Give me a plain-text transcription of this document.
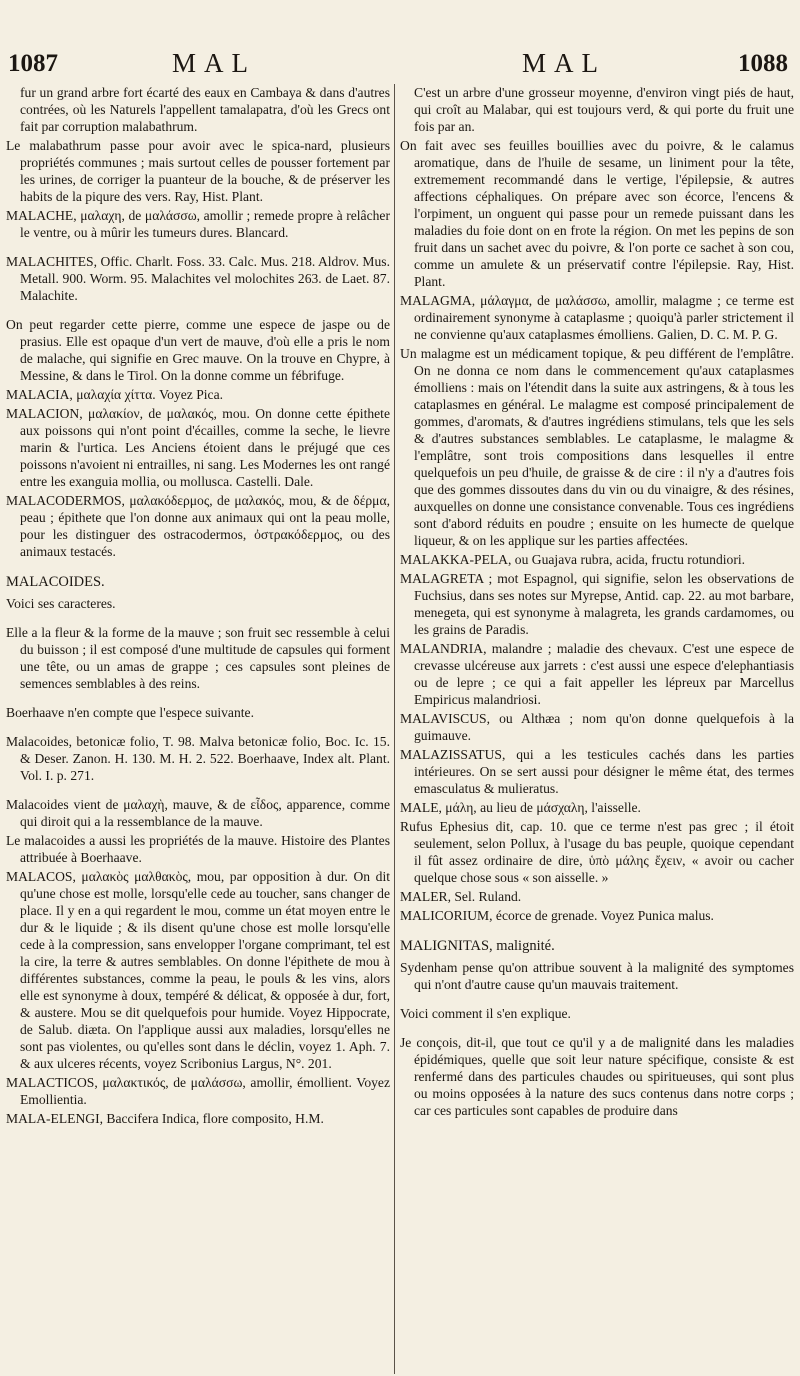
1087	MAL	MAL	1088

fur un grand arbre fort écarté des eaux en Cambaya & dans d'autres contrées, où les Naturels l'appellent tamalapatra, d'où les Grecs ont fait par corruption malabathrum.

Le malabathrum passe pour avoir avec le spica-nard, plusieurs propriétés communes ; mais surtout celles de pousser fortement par les urines, de corriger la puanteur de la bouche, & de préserver les habits de la piqure des vers. Ray, Hist. Plant.

MALACHE, μαλαχη, de μαλάσσω, amollir ; remede propre à relâcher le ventre, ou à mûrir les tumeurs dures. Blancard.

MALACHITES, Offic. Charlt. Foss. 33. Calc. Mus. 218. Aldrov. Mus. Metall. 900. Worm. 95. Malachites vel molochites 263. de Laet. 87. Malachite.

On peut regarder cette pierre, comme une espece de jaspe ou de prasius. Elle est opaque d'un vert de mauve, d'où elle a pris le nom de malache, qui signifie en Grec mauve. On la trouve en Chypre, à Messine, & dans le Tirol. On la donne comme un fébrifuge.

MALACIA, μαλαχία χίττα. Voyez Pica.

MALACION, μαλακίον, de μαλακός, mou. On donne cette épithete aux poissons qui n'ont point d'écailles, comme la seche, le lievre marin & l'urtica. Les Anciens étoient dans le préjugé que ces poissons n'avoient ni entrailles, ni sang. Les Modernes les ont rangé entre les exanguia mollia, ou mollusca. Castelli. Dale.

MALACODERMOS, μαλακόδερμος, de μαλακός, mou, & de δέρμα, peau ; épithete que l'on donne aux animaux qui ont la peau molle, pour les distinguer des ostracodermos, ὀστρακόδερμος, ou des animaux testacés.

MALACOIDES.

Voici ses caracteres.

Elle a la fleur & la forme de la mauve ; son fruit sec ressemble à celui du buisson ; il est composé d'une multitude de capsules qui forment une tête, ou un amas de grappe ; ces capsules sont pleines de semences semblables à des reins.

Boerhaave n'en compte que l'espece suivante.

Malacoides, betonicæ folio, T. 98. Malva betonicæ folio, Boc. Ic. 15. & Deser. Zanon. H. 130. M. H. 2. 522. Boerhaave, Index alt. Plant. Vol. I. p. 271.

Malacoides vient de μαλαχὴ, mauve, & de εἶδος, apparence, comme qui diroit qui a la ressemblance de la mauve.

Le malacoides a aussi les propriétés de la mauve. Histoire des Plantes attribuée à Boerhaave.

MALACOS, μαλακὸς μαλθακὸς, mou, par opposition à dur. On dit qu'une chose est molle, lorsqu'elle cede au toucher, sans changer de place. Il y en a qui regardent le mou, comme un état moyen entre le dur & le liquide ; & ils disent qu'une chose est molle lorsqu'elle cede à la compression, sans envelopper l'organe comprimant, tel est la cire, la terre & autres semblables. On donne l'épithete de mou à différentes substances, comme la peau, le pouls & les vins, alors elle est synonyme à doux, tempéré & délicat, & opposée à dur, fort, & austere. Mou se dit quelquefois pour humide. Voyez Hippocrate, de Salub. diæta. On l'applique aussi aux maladies, lorsqu'elles ne sont pas violentes, ou qu'elles sont dans le déclin, voyez 1. Aph. 7. & aux ulceres récents, voyez Scribonius Largus, N°. 201.

MALACTICOS, μαλακτικός, de μαλάσσω, amollir, émollient. Voyez Emollientia.

MALA-ELENGI, Baccifera Indica, flore composito, H.M.

C'est un arbre d'une grosseur moyenne, d'environ vingt piés de haut, qui croît au Malabar, qui est toujours verd, & qui porte du fruit une fois par an.

On fait avec ses feuilles bouillies avec du poivre, & le calamus aromatique, dans de l'huile de sesame, un liniment pour la tête, extremement recommandé dans le vertige, l'épilepsie, & autres affections céphaliques. On prépare avec son écorce, l'encens & l'orpiment, un onguent qui passe pour un remede puissant dans les maladies du foie dont on en frote la région. On met les pepins de son fruit dans un sachet avec du poivre, & l'on porte ce sachet à son cou, comme un amulete & un préservatif contre l'épilepsie. Ray, Hist. Plant.

MALAGMA, μάλαγμα, de μαλάσσω, amollir, malagme ; ce terme est ordinairement synonyme à cataplasme ; quoiqu'à parler strictement il ne convienne qu'aux cataplasmes émolliens. Galien, D. C. M. P. G.

Un malagme est un médicament topique, & peu différent de l'emplâtre. On ne donna ce nom dans le commencement qu'aux cataplasmes émolliens : mais on l'étendit dans la suite aux astringens, & à tous les cataplasmes en général. Le malagme est composé principalement de gommes, d'aromats, & d'autres ingrédiens stimulans, tels que les sels & d'autres substances semblables. Le cataplasme, le malagme & l'emplâtre, sont trois compositions dans lesquelles il entre quelquefois un peu d'huile, de graisse & de cire : il n'y a d'autres fois que des gommes dissoutes dans du vin ou du vinaigre, & des résines, auxquelles on donne une consistance convenable. Tous ces ingrédiens sont d'abord réduits en poudre ; ensuite on les humecte de quelque liqueur, & on les applique sur les parties affectées.

MALAKKA-PELA, ou Guajava rubra, acida, fructu rotundiori.

MALAGRETA ; mot Espagnol, qui signifie, selon les observations de Fuchsius, dans ses notes sur Myrepse, Antid. cap. 22. au mot barbare, menegeta, qui est synonyme à malagreta, les grands cardamomes, ou les grains de Paradis.

MALANDRIA, malandre ; maladie des chevaux. C'est une espece de crevasse ulcéreuse aux jarrets : c'est aussi une espece d'elephantiasis ou de lepre ; ce qui a fait appeller les lépreux par Marcellus Empiricus malandriosi.

MALAVISCUS, ou Althæa ; nom qu'on donne quelquefois à la guimauve.

MALAZISSATUS, qui a les testicules cachés dans les parties intérieures. On se sert aussi pour désigner le même état, des termes emasculatus & mulieratus.

MALE, μάλη, au lieu de μάσχαλη, l'aisselle.

Rufus Ephesius dit, cap. 10. que ce terme n'est pas grec ; il étoit seulement, selon Pollux, à l'usage du bas peuple, quoique cependant il fût assez ordinaire de dire, ὑπὸ μάλης ἔχειν, « avoir ou cacher quelque chose sous « son aisselle. »

MALER, Sel. Ruland.

MALICORIUM, écorce de grenade. Voyez Punica malus.

MALIGNITAS, malignité.

Sydenham pense qu'on attribue souvent à la malignité des symptomes qui n'ont d'autre cause qu'un mauvais traitement.

Voici comment il s'en explique.

Je conçois, dit-il, que tout ce qu'il y a de malignité dans les maladies épidémiques, quelle que soit leur nature spécifique, consiste & est renfermé dans des particules chaudes ou spiritueuses, qui sont plus ou moins opposées à la nature des sucs contenus dans notre corps ; car ces particules sont capables de produire dans
